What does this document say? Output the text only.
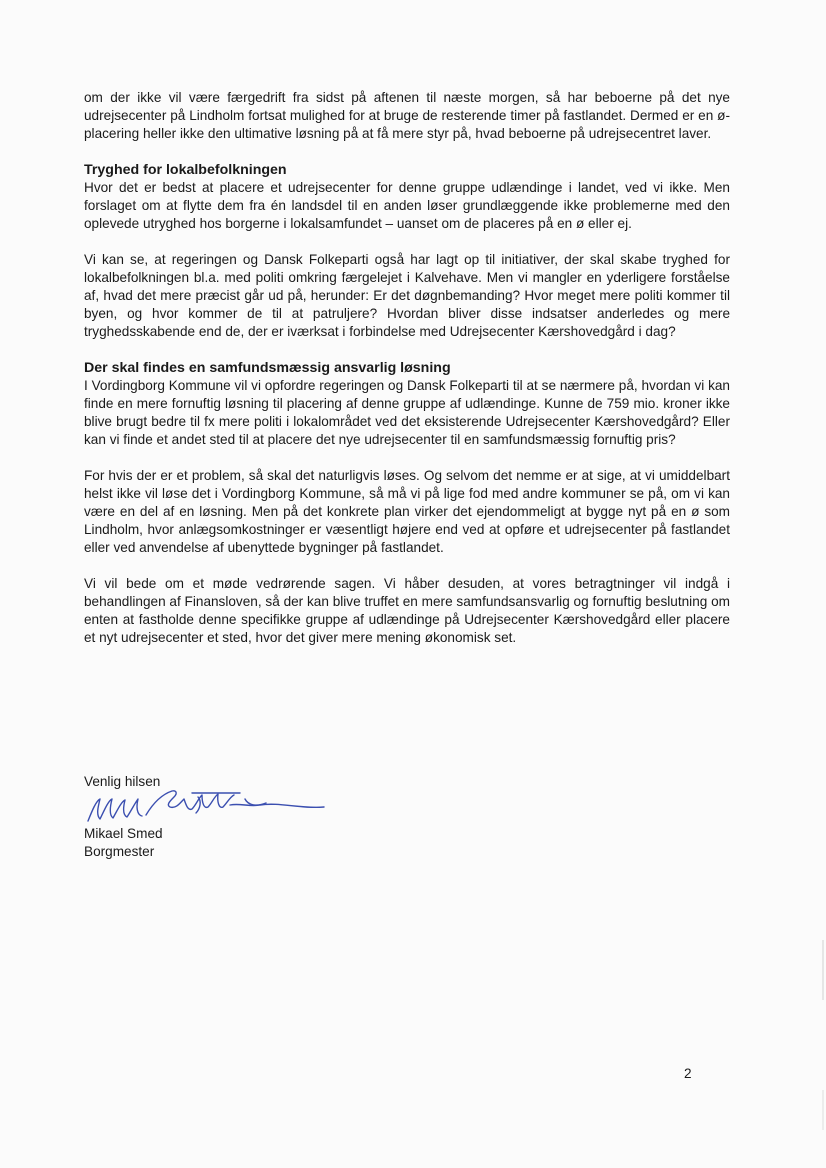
om der ikke vil være færgedrift fra sidst på aftenen til næste morgen, så har beboerne på det nye udrejsecenter på Lindholm fortsat mulighed for at bruge de resterende timer på fastlandet. Dermed er en ø-placering heller ikke den ultimative løsning på at få mere styr på, hvad beboerne på udrejsecentret laver.

Tryghed for lokalbefolkningen

Hvor det er bedst at placere et udrejsecenter for denne gruppe udlændinge i landet, ved vi ikke. Men forslaget om at flytte dem fra én landsdel til en anden løser grundlæggende ikke problemerne med den oplevede utryghed hos borgerne i lokalsamfundet – uanset om de placeres på en ø eller ej.

Vi kan se, at regeringen og Dansk Folkeparti også har lagt op til initiativer, der skal skabe tryghed for lokalbefolkningen bl.a. med politi omkring færgelejet i Kalvehave. Men vi mangler en yderligere forståelse af, hvad det mere præcist går ud på, herunder: Er det døgnbemanding? Hvor meget mere politi kommer til byen, og hvor kommer de til at patruljere? Hvordan bliver disse indsatser anderledes og mere tryghedsskabende end de, der er iværksat i forbindelse med Udrejsecenter Kærshovedgård i dag?

Der skal findes en samfundsmæssig ansvarlig løsning

I Vordingborg Kommune vil vi opfordre regeringen og Dansk Folkeparti til at se nærmere på, hvordan vi kan finde en mere fornuftig løsning til placering af denne gruppe af udlændinge. Kunne de 759 mio. kroner ikke blive brugt bedre til fx mere politi i lokalområdet ved det eksisterende Udrejsecenter Kærshovedgård? Eller kan vi finde et andet sted til at placere det nye udrejsecenter til en samfundsmæssig fornuftig pris?

For hvis der er et problem, så skal det naturligvis løses. Og selvom det nemme er at sige, at vi umiddelbart helst ikke vil løse det i Vordingborg Kommune, så må vi på lige fod med andre kommuner se på, om vi kan være en del af en løsning. Men på det konkrete plan virker det ejendommeligt at bygge nyt på en ø som Lindholm, hvor anlægsomkostninger er væsentligt højere end ved at opføre et udrejsecenter på fastlandet eller ved anvendelse af ubenyttede bygninger på fastlandet.

Vi vil bede om et møde vedrørende sagen. Vi håber desuden, at vores betragtninger vil indgå i behandlingen af Finansloven, så der kan blive truffet en mere samfundsansvarlig og fornuftig beslutning om enten at fastholde denne specifikke gruppe af udlændinge på Udrejsecenter Kærshovedgård eller placere et nyt udrejsecenter et sted, hvor det giver mere mening økonomisk set.

Venlig hilsen
Mikael Smed
Borgmester
2
